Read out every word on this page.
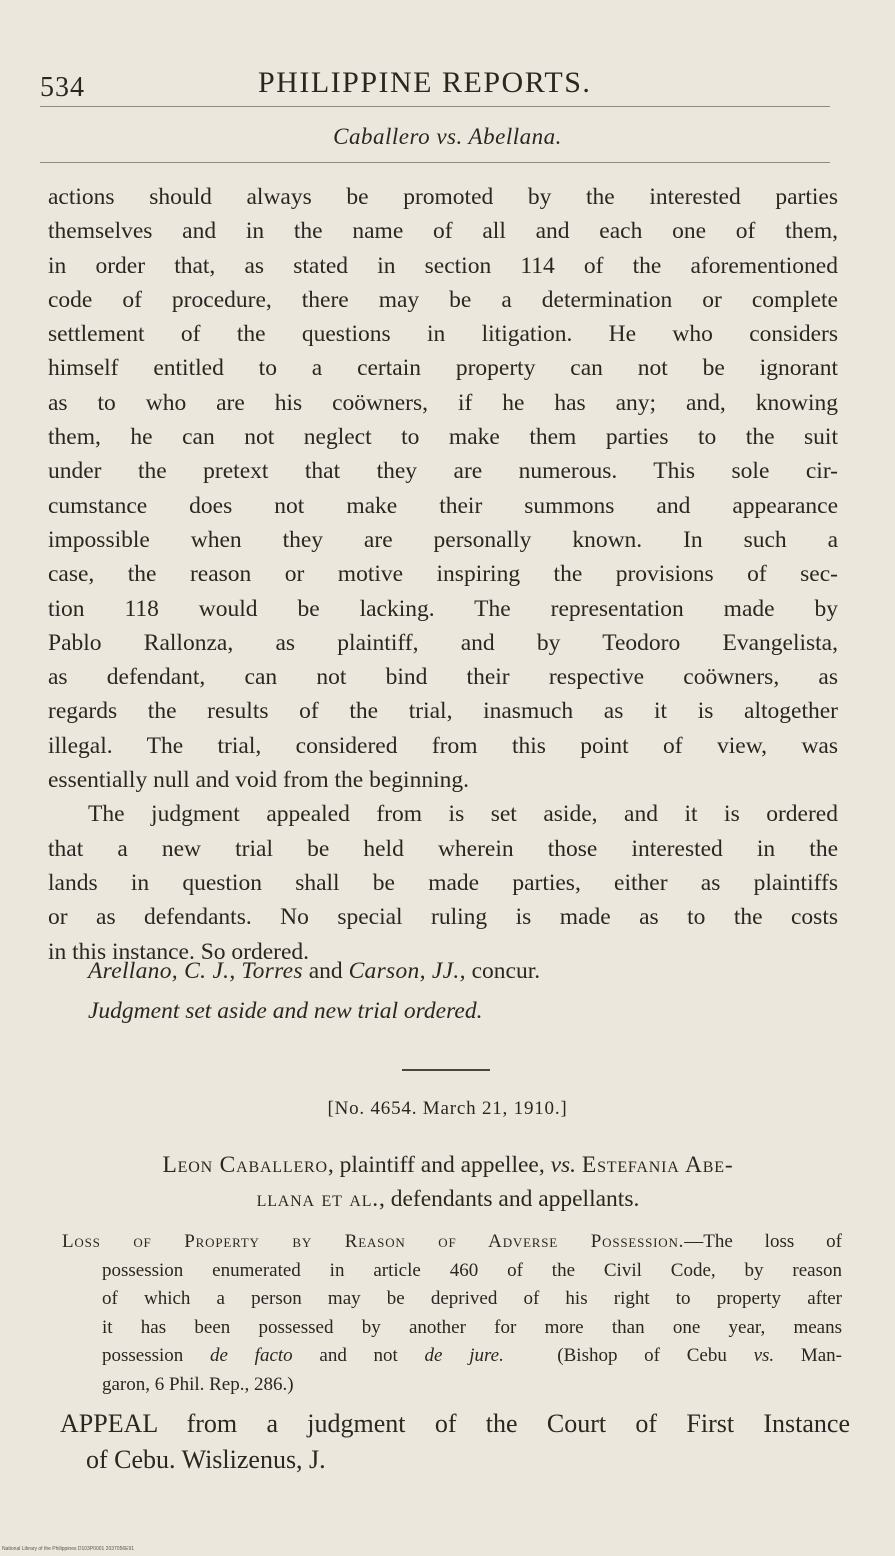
534	PHILIPPINE REPORTS.
Caballero vs. Abellana.
actions should always be promoted by the interested parties
themselves and in the name of all and each one of them,
in order that, as stated in section 114 of the aforementioned
code of procedure, there may be a determination or complete
settlement of the questions in litigation. He who considers
himself entitled to a certain property can not be ignorant
as to who are his coöwners, if he has any; and, knowing
them, he can not neglect to make them parties to the suit
under the pretext that they are numerous. This sole cir-
cumstance does not make their summons and appearance
impossible when they are personally known. In such a
case, the reason or motive inspiring the provisions of sec-
tion 118 would be lacking. The representation made by
Pablo Rallonza, as plaintiff, and by Teodoro Evangelista,
as defendant, can not bind their respective coöwners, as
regards the results of the trial, inasmuch as it is altogether
illegal. The trial, considered from this point of view, was
essentially null and void from the beginning.
The judgment appealed from is set aside, and it is ordered
that a new trial be held wherein those interested in the
lands in question shall be made parties, either as plaintiffs
or as defendants. No special ruling is made as to the costs
in this instance. So ordered.
Arellano, C. J., Torres and Carson, JJ., concur.
Judgment set aside and new trial ordered.
[No. 4654. March 21, 1910.]
Leon Caballero, plaintiff and appellee, vs. Estefania Abe-
llana et al., defendants and appellants.
Loss of Property by Reason of Adverse Possession.—The loss of
possession enumerated in article 460 of the Civil Code, by reason
of which a person may be deprived of his right to property after
it has been possessed by another for more than one year, means
possession de facto and not de jure.  (Bishop of Cebu vs. Man-
garon, 6 Phil. Rep., 286.)
APPEAL from a judgment of the Court of First Instance
of Cebu. Wislizenus, J.
National Library of the Philippines D103P0001 2037056E91
